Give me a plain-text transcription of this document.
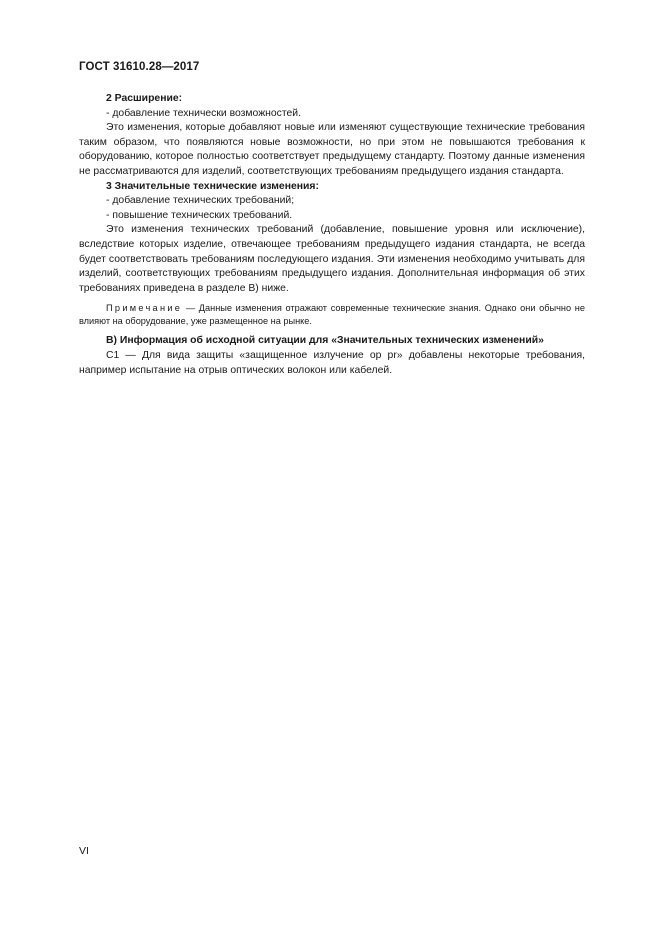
ГОСТ 31610.28—2017

2 Расширение:

- добавление технически возможностей.

Это изменения, которые добавляют новые или изменяют существующие технические требования таким образом, что появляются новые возможности, но при этом не повышаются требования к оборудованию, которое полностью соответствует предыдущему стандарту. Поэтому данные изменения не рассматриваются для изделий, соответствующих требованиям предыдущего издания стандарта.

3 Значительные технические изменения:

- добавление технических требований;

- повышение технических требований.

Это изменения технических требований (добавление, повышение уровня или исключение), вследствие которых изделие, отвечающее требованиям предыдущего издания стандарта, не всегда будет соответствовать требованиям последующего издания. Эти изменения необходимо учитывать для изделий, соответствующих требованиям предыдущего издания. Дополнительная информация об этих требованиях приведена в разделе В) ниже.

Примечание — Данные изменения отражают современные технические знания. Однако они обычно не влияют на оборудование, уже размещенное на рынке.

В) Информация об исходной ситуации для «Значительных технических изменений»

С1 — Для вида защиты «защищенное излучение op pr» добавлены некоторые требования, например испытание на отрыв оптических волокон или кабелей.

VI
